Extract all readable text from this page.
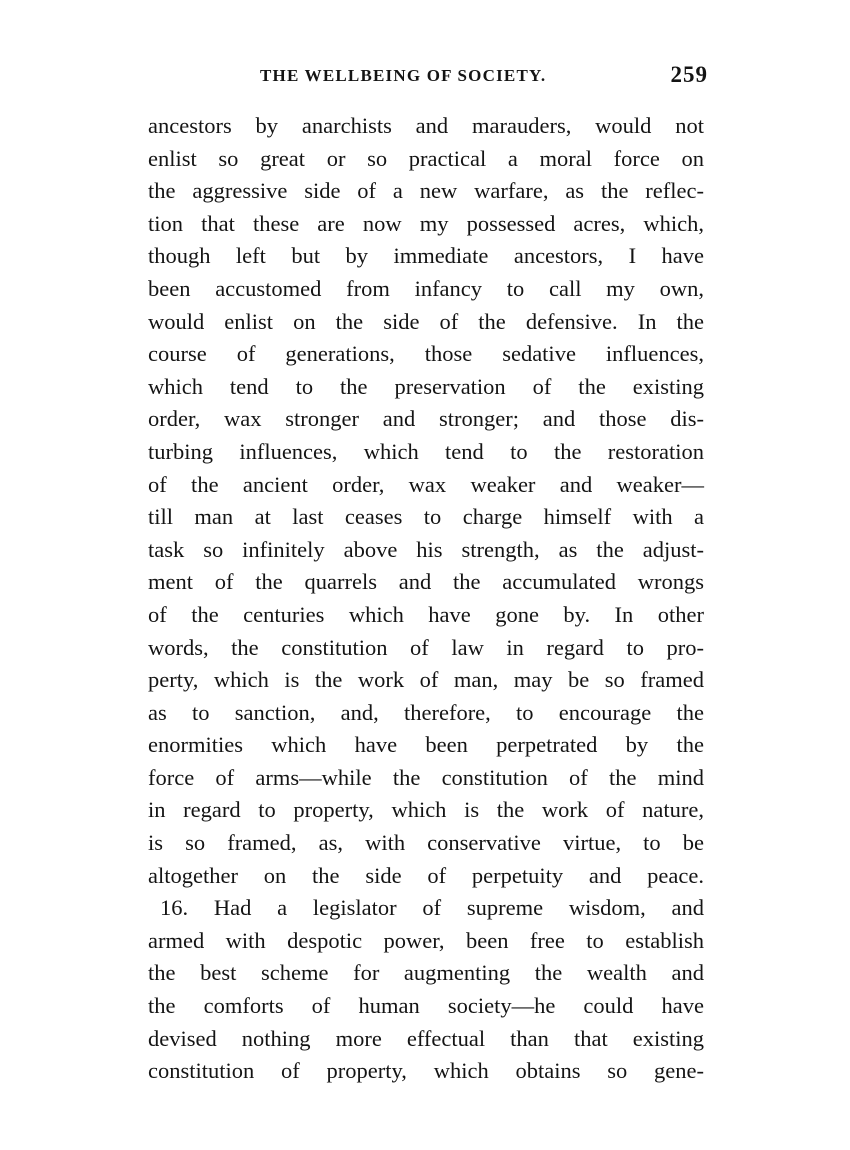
THE WELLBEING OF SOCIETY.	259
ancestors by anarchists and marauders, would not
enlist so great or so practical a moral force on
the aggressive side of a new warfare, as the reflec-
tion that these are now my possessed acres, which,
though left but by immediate ancestors, I have
been accustomed from infancy to call my own,
would enlist on the side of the defensive. In the
course of generations, those sedative influences,
which tend to the preservation of the existing
order, wax stronger and stronger; and those dis-
turbing influences, which tend to the restoration
of the ancient order, wax weaker and weaker—
till man at last ceases to charge himself with a
task so infinitely above his strength, as the adjust-
ment of the quarrels and the accumulated wrongs
of the centuries which have gone by. In other
words, the constitution of law in regard to pro-
perty, which is the work of man, may be so framed
as to sanction, and, therefore, to encourage the
enormities which have been perpetrated by the
force of arms—while the constitution of the mind
in regard to property, which is the work of nature,
is so framed, as, with conservative virtue, to be
altogether on the side of perpetuity and peace.
16. Had a legislator of supreme wisdom, and
armed with despotic power, been free to establish
the best scheme for augmenting the wealth and
the comforts of human society—he could have
devised nothing more effectual than that existing
constitution of property, which obtains so gene-
